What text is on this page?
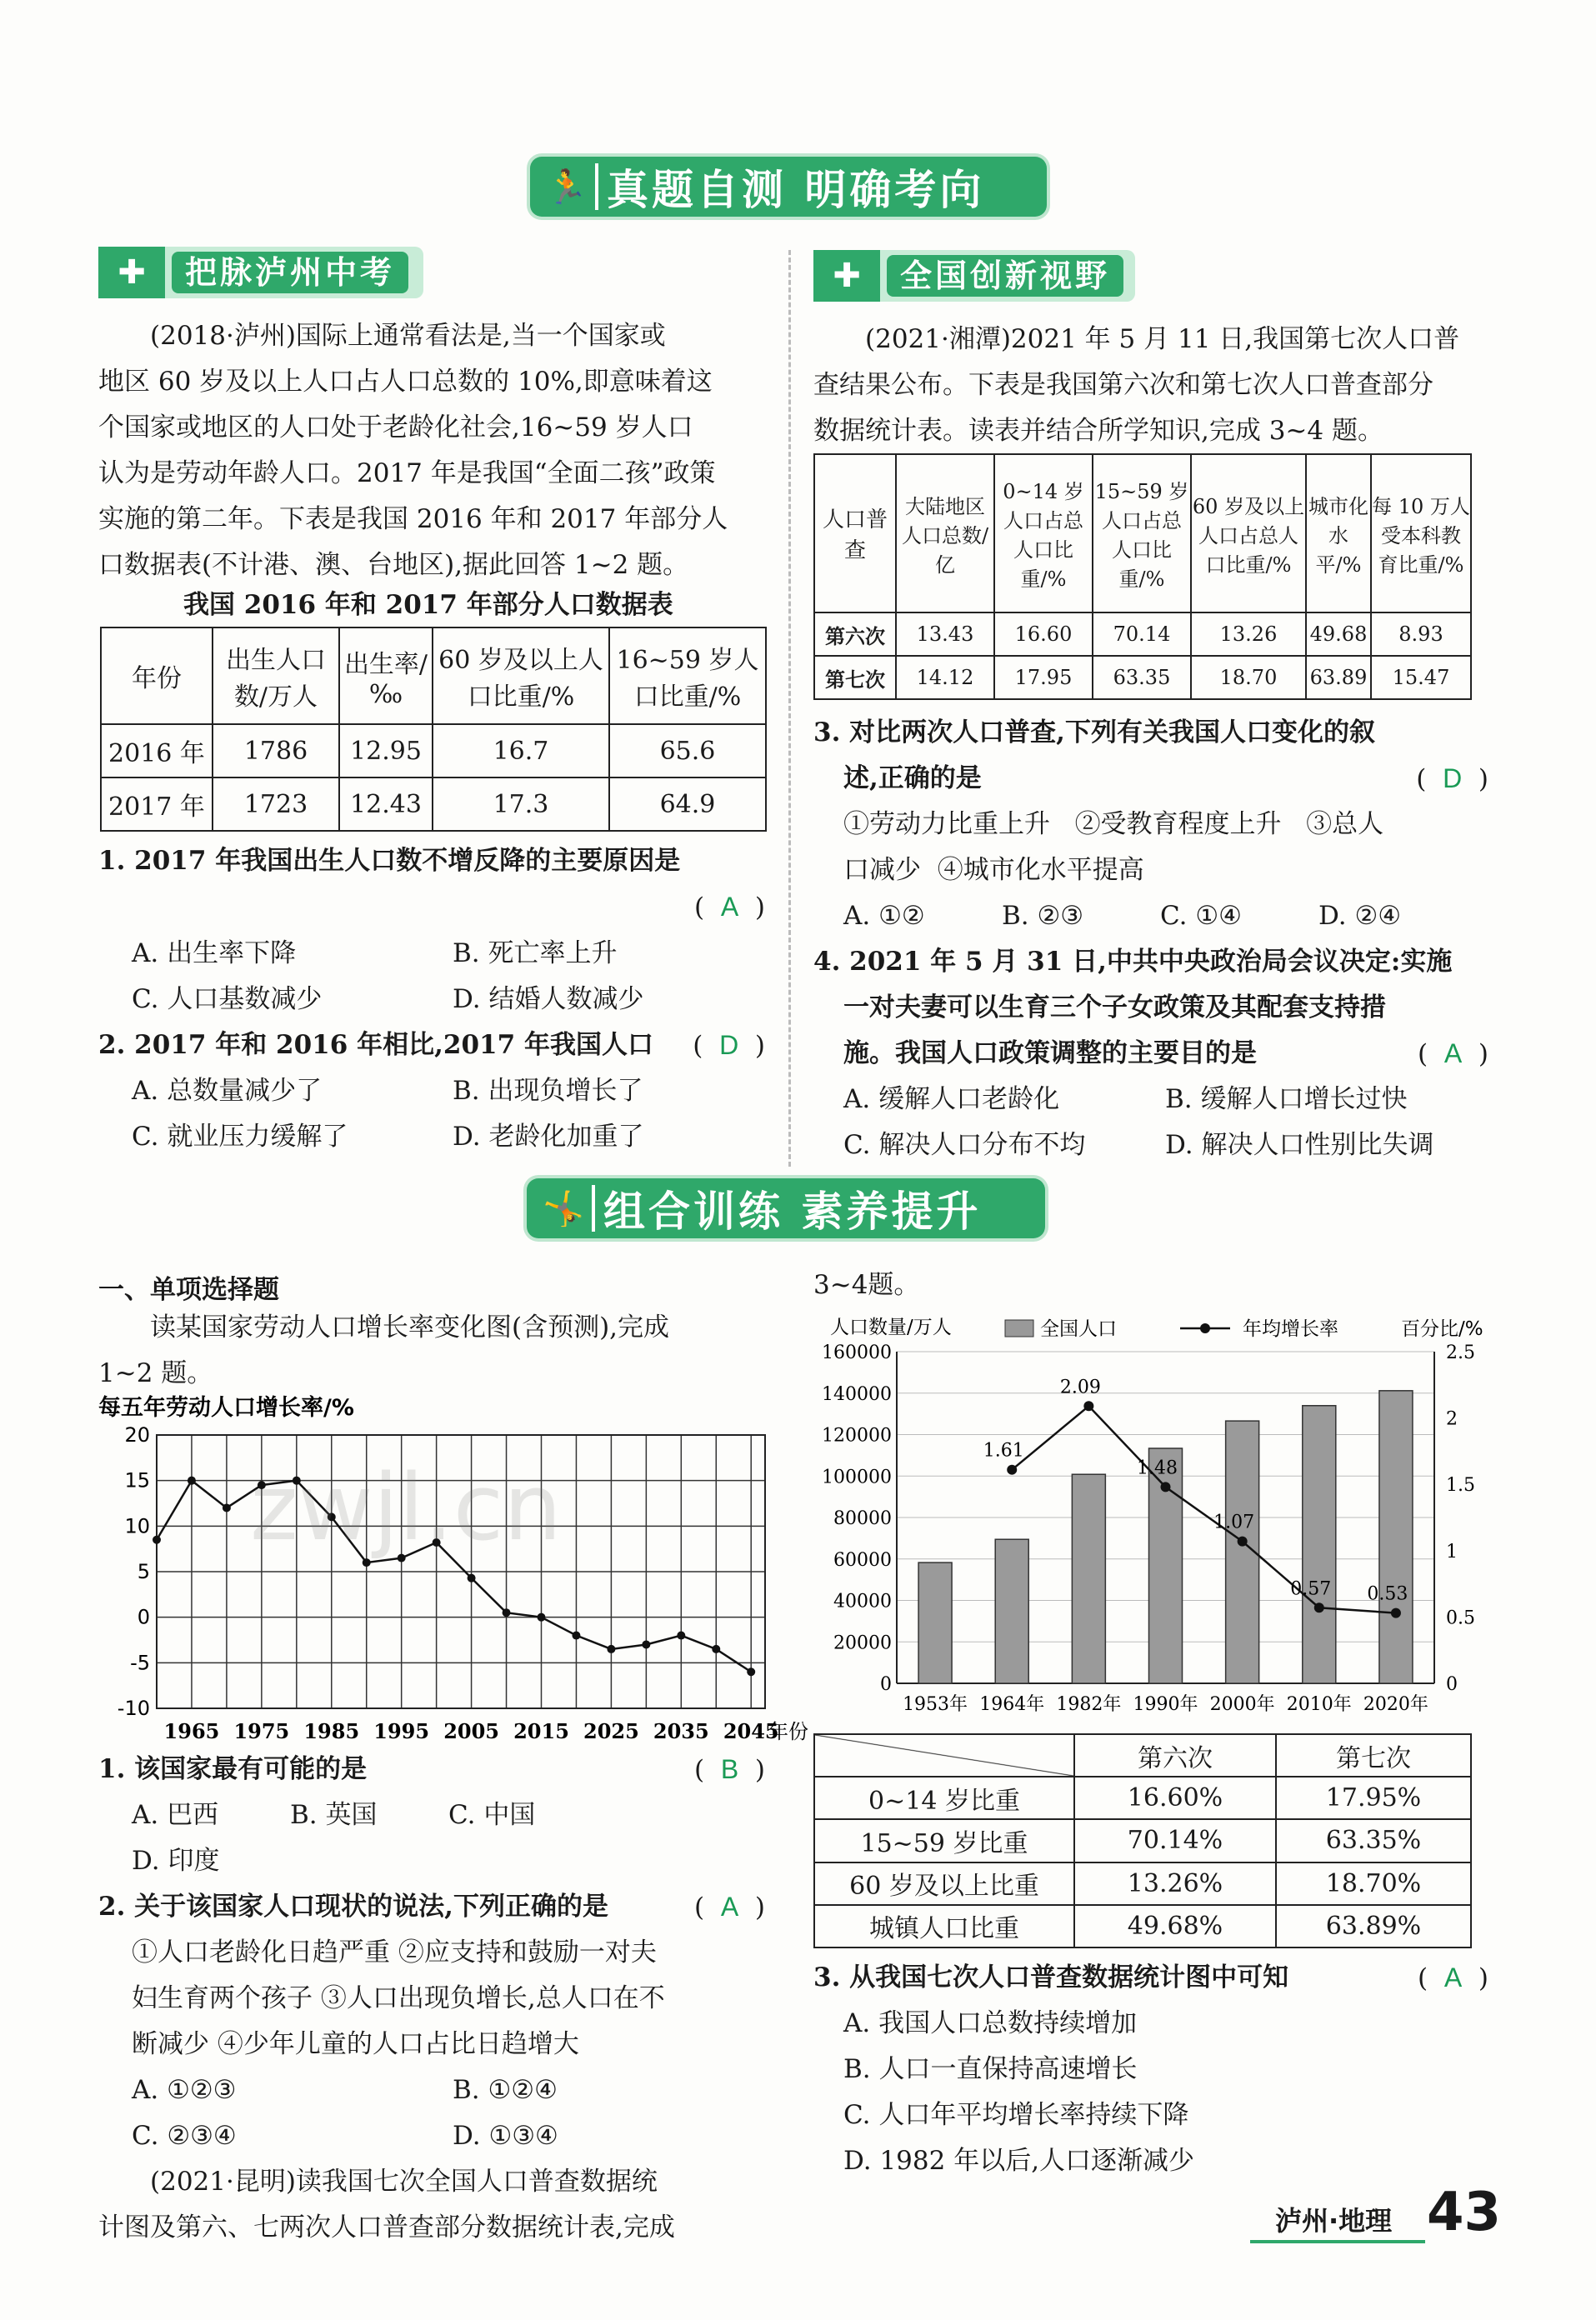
🏃 真题自测 明确考向
✚	把脉泸州中考	✚	全国创新视野

(2018·泸州)国际上通常看法是,当一个国家或

地区 60 岁及以上人口占人口总数的 10%,即意味着这

个国家或地区的人口处于老龄化社会,16~59 岁人口

认为是劳动年龄人口。2017 年是我国“全面二孩”政策

实施的第二年。下表是我国 2016 年和 2017 年部分人

口数据表(不计港、澳、台地区),据此回答 1~2 题。

我国 2016 年和 2017 年部分人口数据表
年份	出生人口数/万人	出生率/‰	60 岁及以上人口比重/%	16~59 岁人口比重/%
2016 年	1786	12.95	16.7	65.6
2017 年	1723	12.43	17.3	64.9

1. 2017 年我国出生人口数不增反降的主要原因是

(  A  )

A. 出生率下降	B. 死亡率上升

C. 人口基数减少	D. 结婚人数减少

2. 2017 年和 2016 年相比,2017 年我国人口 (  D  )

A. 总数量减少了	B. 出现负增长了

C. 就业压力缓解了	D. 老龄化加重了

(2021·湘潭)2021 年 5 月 11 日,我国第七次人口普

查结果公布。下表是我国第六次和第七次人口普查部分

数据统计表。读表并结合所学知识,完成 3~4 题。

人口普查	大陆地区人口总数/亿	0~14 岁人口占总人口比重/%	15~59 岁人口占总人口比重/%	60 岁及以上人口占总人口比重/%	城市化水平/%	每 10 万人受本科教育比重/%
第六次	13.43	16.60	70.14	13.26	49.68	8.93
第七次	14.12	17.95	63.35	18.70	63.89	15.47

3. 对比两次人口普查,下列有关我国人口变化的叙

述,正确的是	(  D  )

①劳动力比重上升 ②受教育程度上升 ③总人

口减少 ④城市化水平提高

A. ①②	B. ②③	C. ①④	D. ②④

4. 2021 年 5 月 31 日,中共中央政治局会议决定:实施

一对夫妻可以生育三个子女政策及其配套支持措

施。我国人口政策调整的主要目的是	(  A  )

A. 缓解人口老龄化	B. 缓解人口增长过快

C. 解决人口分布不均	D. 解决人口性别比失调

🤸 组合训练 素养提升
一、单项选择题

读某国家劳动人口增长率变化图(含预测),完成

1~2 题。

每五年劳动人口增长率/%
20
15
10
5
0
-5
-10
1965 1975 1985 1995 2005 2015 2025 2035 2045
年份

1. 该国家最有可能的是	(  B  )

A. 巴西	B. 英国	C. 中国D. 印度

2. 关于该国家人口现状的说法,下列正确的是	(  A  )

①人口老龄化日趋严重 ②应支持和鼓励一对夫

妇生育两个孩子 ③人口出现负增长,总人口在不

断减少 ④少年儿童的人口占比日趋增大

A. ①②③	B. ①②④

C. ②③④	D. ①③④

(2021·昆明)读我国七次全国人口普查数据统

计图及第六、七两次人口普查部分数据统计表,完成

3~4题。
人口数量/万人	全国人口	年均增长率	百分比/%
160000
140000
120000
100000
80000
60000
40000
20000
0
2.5
2
1.5
1
0.5
0
1953年 1964年 1982年 1990年 2000年 2010年 2020年
1.61
2.09
1.48
1.07
0.57 0.53
	第六次	第七次
0~14 岁比重	16.60%	17.95%
15~59 岁比重	70.14%	63.35%
60 岁及以上比重	13.26%	18.70%
城镇人口比重	49.68%	63.89%

3. 从我国七次人口普查数据统计图中可知	(  A  )

A. 我国人口总数持续增加

B. 人口一直保持高速增长

C. 人口年平均增长率持续下降

D. 1982 年以后,人口逐渐减少

泸州·地理 43
zwjl.cn
